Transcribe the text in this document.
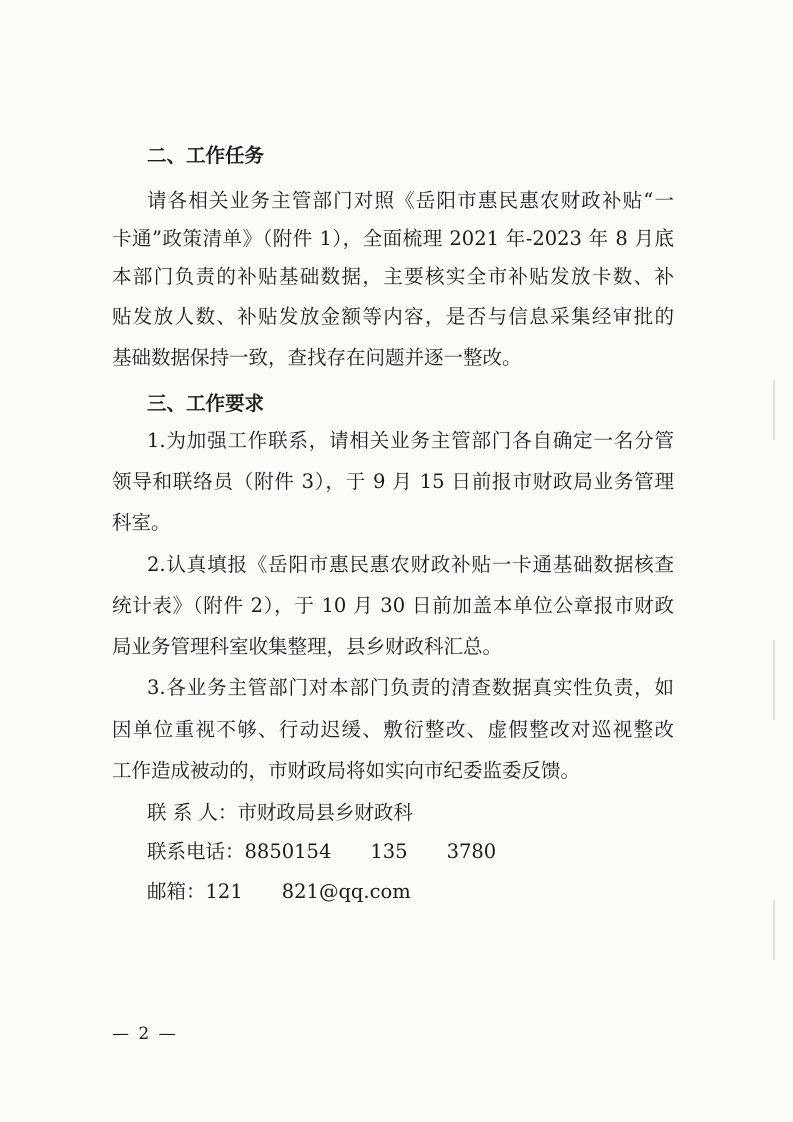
二、工作任务
请各相关业务主管部门对照《岳阳市惠民惠农财政补贴“一
卡通”政策清单》（附件 1），全面梳理 2021 年-2023 年 8 月底
本部门负责的补贴基础数据，主要核实全市补贴发放卡数、补
贴发放人数、补贴发放金额等内容，是否与信息采集经审批的
基础数据保持一致，查找存在问题并逐一整改。
三、工作要求
1.为加强工作联系，请相关业务主管部门各自确定一名分管
领导和联络员（附件 3），于 9 月 15 日前报市财政局业务管理
科室。
2.认真填报《岳阳市惠民惠农财政补贴一卡通基础数据核查
统计表》（附件 2），于 10 月 30 日前加盖本单位公章报市财政
局业务管理科室收集整理，县乡财政科汇总。
3.各业务主管部门对本部门负责的清查数据真实性负责，如
因单位重视不够、行动迟缓、敷衍整改、虚假整改对巡视整改
工作造成被动的，市财政局将如实向市纪委监委反馈。
联 系 人：市财政局县乡财政科
联系电话：8850154　　135　　3780
邮箱：121　　821@qq.com
— 2 —
